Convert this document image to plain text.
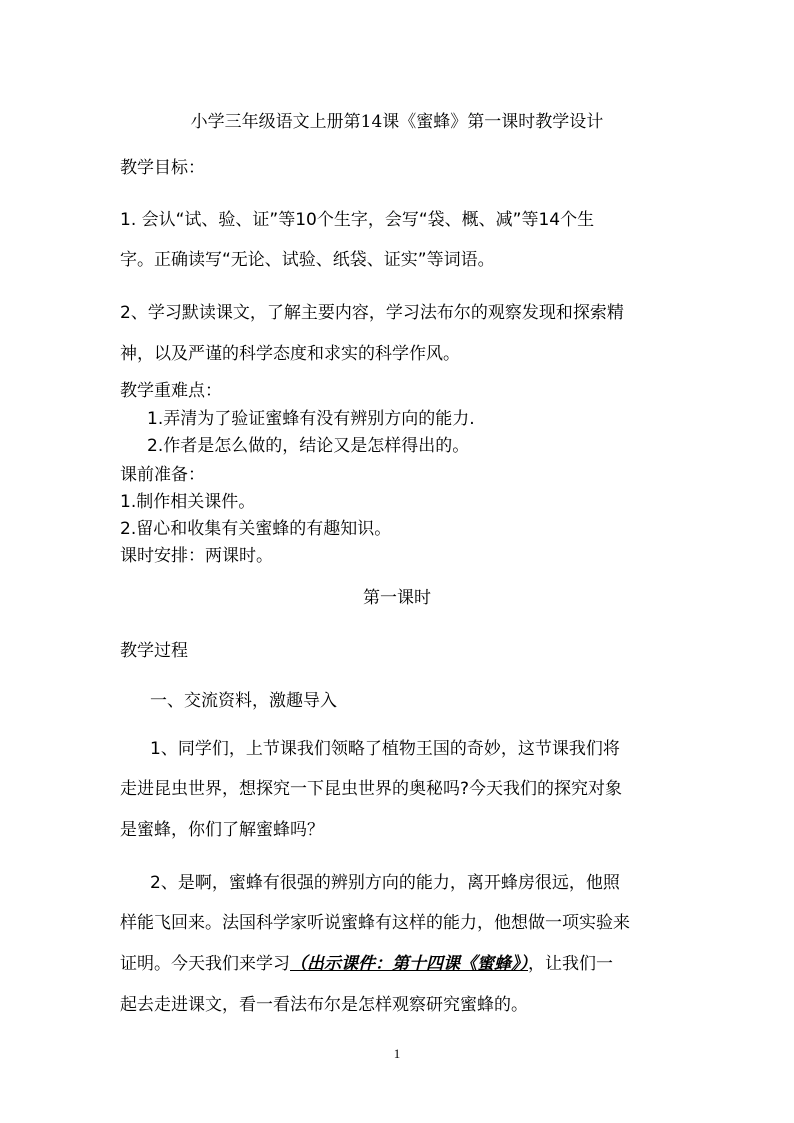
小学三年级语文上册第14课《蜜蜂》第一课时教学设计
教学目标：
1. 会认“试、验、证”等10个生字，会写“袋、概、减”等14个生
字。正确读写“无论、试验、纸袋、证实”等词语。
2、学习默读课文，了解主要内容，学习法布尔的观察发现和探索精
神，以及严谨的科学态度和求实的科学作风。
教学重难点：
1.弄清为了验证蜜蜂有没有辨别方向的能力.
2.作者是怎么做的，结论又是怎样得出的。
课前准备：
1.制作相关课件。
2.留心和收集有关蜜蜂的有趣知识。
课时安排：两课时。
第一课时
教学过程
一、交流资料，激趣导入
1、同学们，上节课我们领略了植物王国的奇妙，这节课我们将
走进昆虫世界，想探究一下昆虫世界的奥秘吗?今天我们的探究对象
是蜜蜂，你们了解蜜蜂吗？
2、是啊，蜜蜂有很强的辨别方向的能力，离开蜂房很远，他照
样能飞回来。法国科学家听说蜜蜂有这样的能力，他想做一项实验来
证明。今天我们来学习（出示课件：第十四课《蜜蜂》），让我们一
起去走进课文，看一看法布尔是怎样观察研究蜜蜂的。
1
